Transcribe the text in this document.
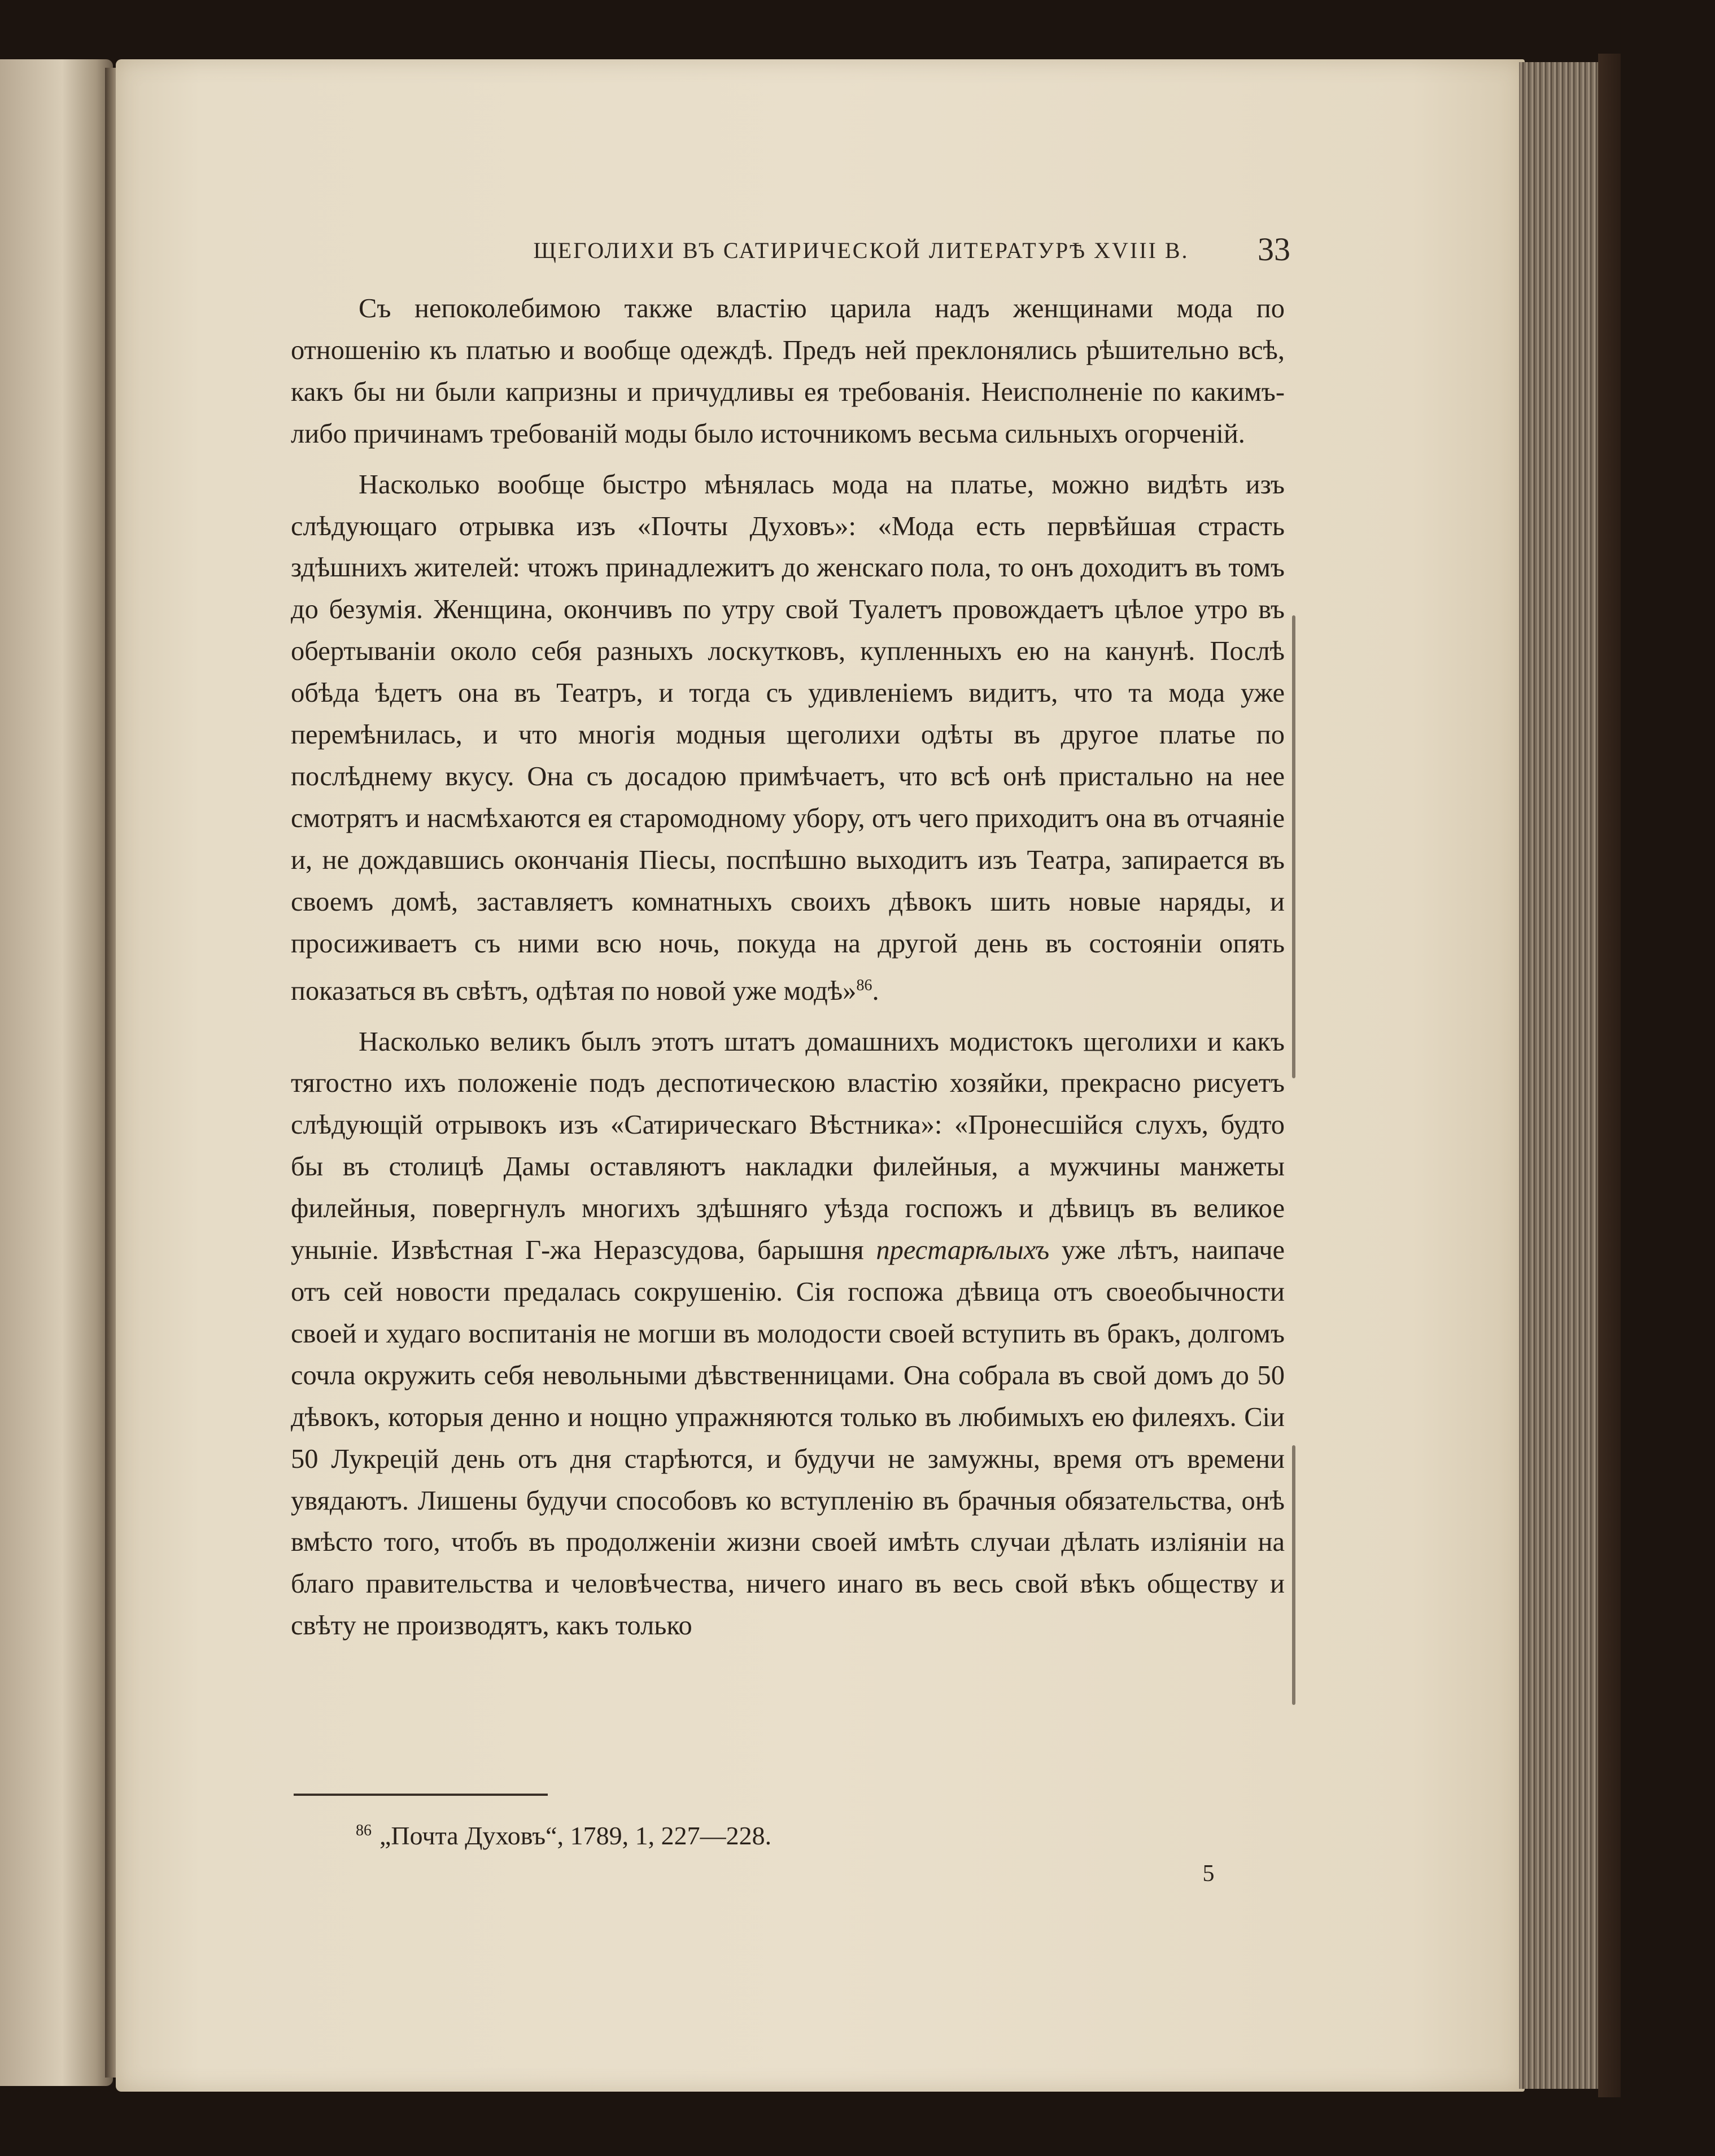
ЩЕГОЛИХИ ВЪ САТИРИЧЕСКОЙ ЛИТЕРАТУРѢ XVIII В.	33

Съ непоколебимою также властію царила надъ женщинами мода по отношенію къ платью и вообще одеждѣ. Предъ ней преклонялись рѣшительно всѣ, какъ бы ни были капризны и причудливы ея требованія. Неисполненіе по какимъ-либо причинамъ требованій моды было источникомъ весьма сильныхъ огорченій.

Насколько вообще быстро мѣнялась мода на платье, можно видѣть изъ слѣдующаго отрывка изъ «Почты Духовъ»: «Мода есть первѣйшая страсть здѣшнихъ жителей: чтожъ принадлежитъ до женскаго пола, то онъ доходитъ въ томъ до безумія. Женщина, окончивъ по утру свой Туалетъ провождаетъ цѣлое утро въ обертываніи около себя разныхъ лоскутковъ, купленныхъ ею на канунѣ. Послѣ обѣда ѣдетъ она въ Театръ, и тогда съ удивленіемъ видитъ, что та мода уже перемѣнилась, и что многія модныя щеголихи одѣты въ другое платье по послѣднему вкусу. Она съ досадою примѣчаетъ, что всѣ онѣ пристально на нее смотрятъ и насмѣхаются ея старомодному убору, отъ чего приходитъ она въ отчаяніе и, не дождавшись окончанія Піесы, поспѣшно выходитъ изъ Театра, запирается въ своемъ домѣ, заставляетъ комнатныхъ своихъ дѣвокъ шить новые наряды, и просиживаетъ съ ними всю ночь, покуда на другой день въ состояніи опять показаться въ свѣтъ, одѣтая по новой уже модѣ»$^{86}$.

Насколько великъ былъ этотъ штатъ домашнихъ модистокъ щеголихи и какъ тягостно ихъ положеніе подъ деспотическою властію хозяйки, прекрасно рисуетъ слѣдующій отрывокъ изъ «Сатирическаго Вѣстника»: «Пронесшійся слухъ, будто бы въ столицѣ Дамы оставляютъ накладки филейныя, а мужчины манжеты филейныя, повергнулъ многихъ здѣшняго уѣзда госпожъ и дѣвицъ въ великое уныніе. Извѣстная Г-жа Неразсудова, барышня престарѣлыхъ уже лѣтъ, наипаче отъ сей новости предалась сокрушенію. Сія госпожа дѣвица отъ своеобычности своей и худаго воспитанія не могши въ молодости своей вступить въ бракъ, долгомъ сочла окружить себя невольными дѣвственницами. Она собрала въ свой домъ до 50 дѣвокъ, которыя денно и нощно упражняются только въ любимыхъ ею филеяхъ. Сіи 50 Лукрецій день отъ дня старѣются, и будучи не замужны, время отъ времени увядаютъ. Лишены будучи способовъ ко вступленію въ брачныя обязательства, онѣ вмѣсто того, чтобъ въ продолженіи жизни своей имѣть случаи дѣлать изліяніи на благо правительства и человѣчества, ничего инаго въ весь свой вѣкъ обществу и свѣту не производятъ, какъ только

$^{86}$ „Почта Духовъ“, 1789, 1, 227—228.
5
